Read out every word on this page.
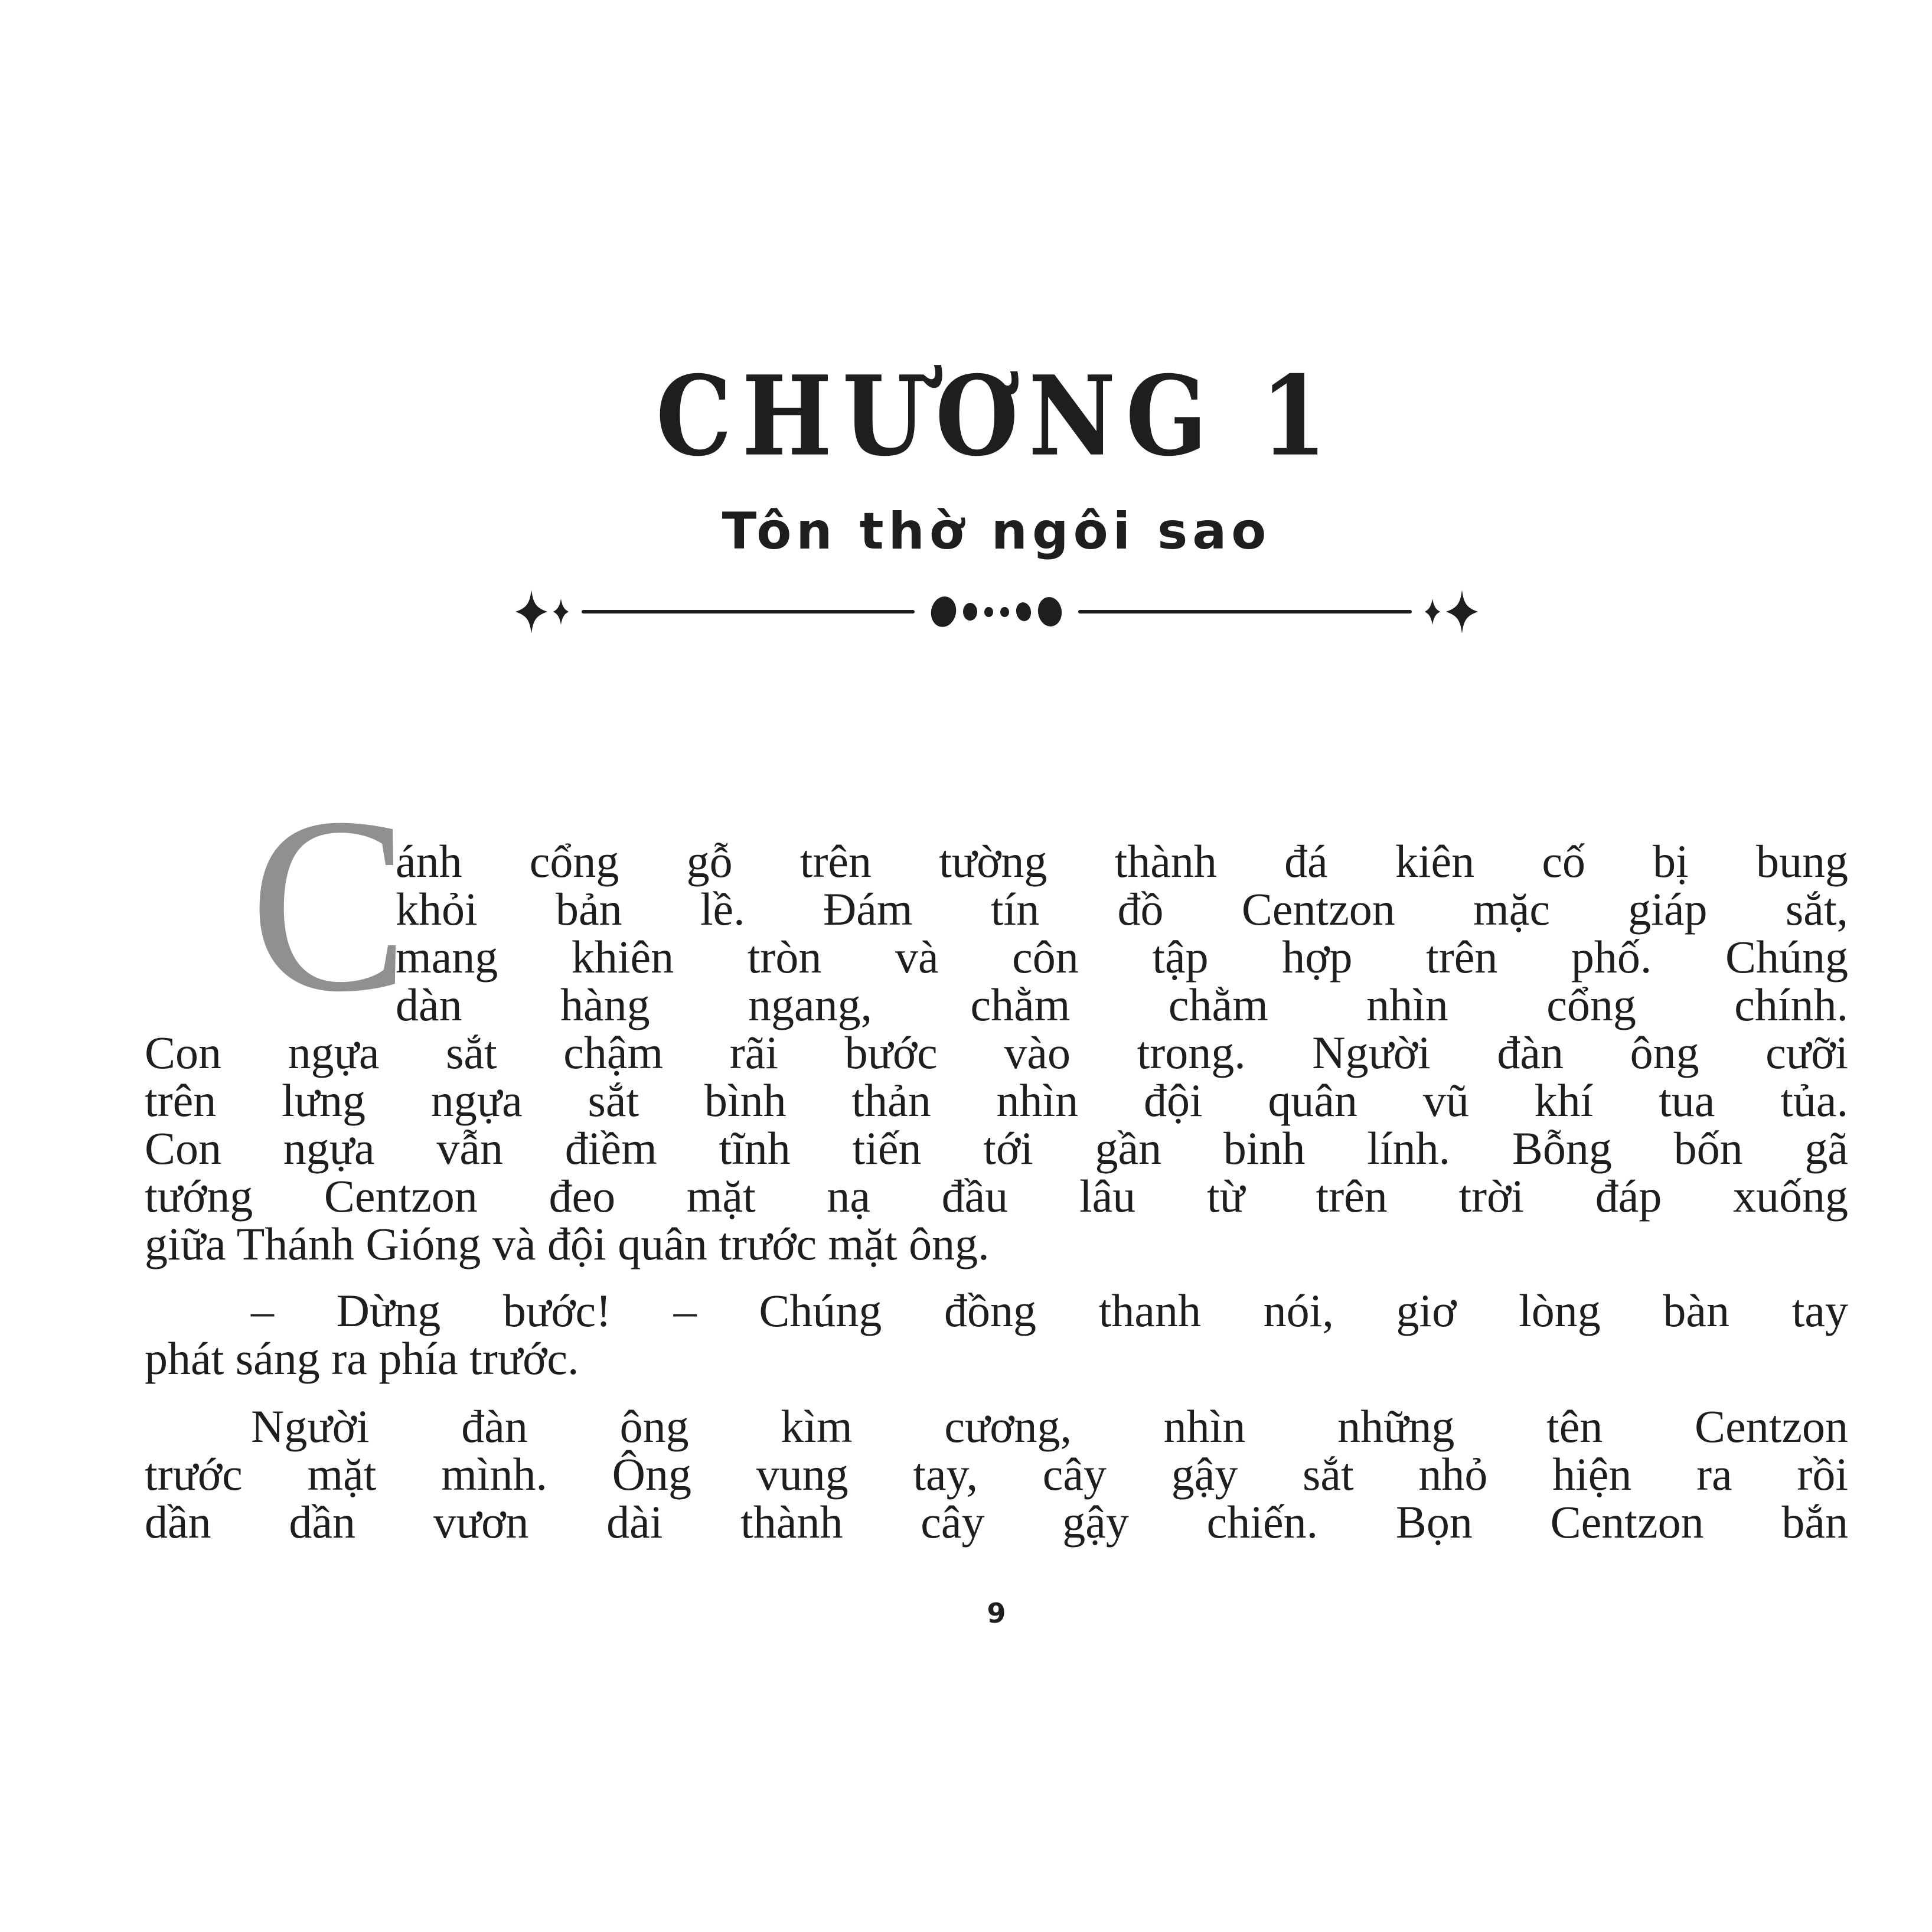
CHƯƠNG 1
Tôn thờ ngôi sao
C
ánh cổng gỗ trên tường thành đá kiên cố bị bung
khỏi bản lề. Đám tín đồ Centzon mặc giáp sắt,
mang khiên tròn và côn tập hợp trên phố. Chúng
dàn hàng ngang, chằm chằm nhìn cổng chính.
Con ngựa sắt chậm rãi bước vào trong. Người đàn ông cưỡi
trên lưng ngựa sắt bình thản nhìn đội quân vũ khí tua tủa.
Con ngựa vẫn điềm tĩnh tiến tới gần binh lính. Bỗng bốn gã
tướng Centzon đeo mặt nạ đầu lâu từ trên trời đáp xuống
giữa Thánh Gióng và đội quân trước mặt ông.
– Dừng bước! – Chúng đồng thanh nói, giơ lòng bàn tay
phát sáng ra phía trước.
Người đàn ông kìm cương, nhìn những tên Centzon
trước mặt mình. Ông vung tay, cây gậy sắt nhỏ hiện ra rồi
dần dần vươn dài thành cây gậy chiến. Bọn Centzon bắn
9
